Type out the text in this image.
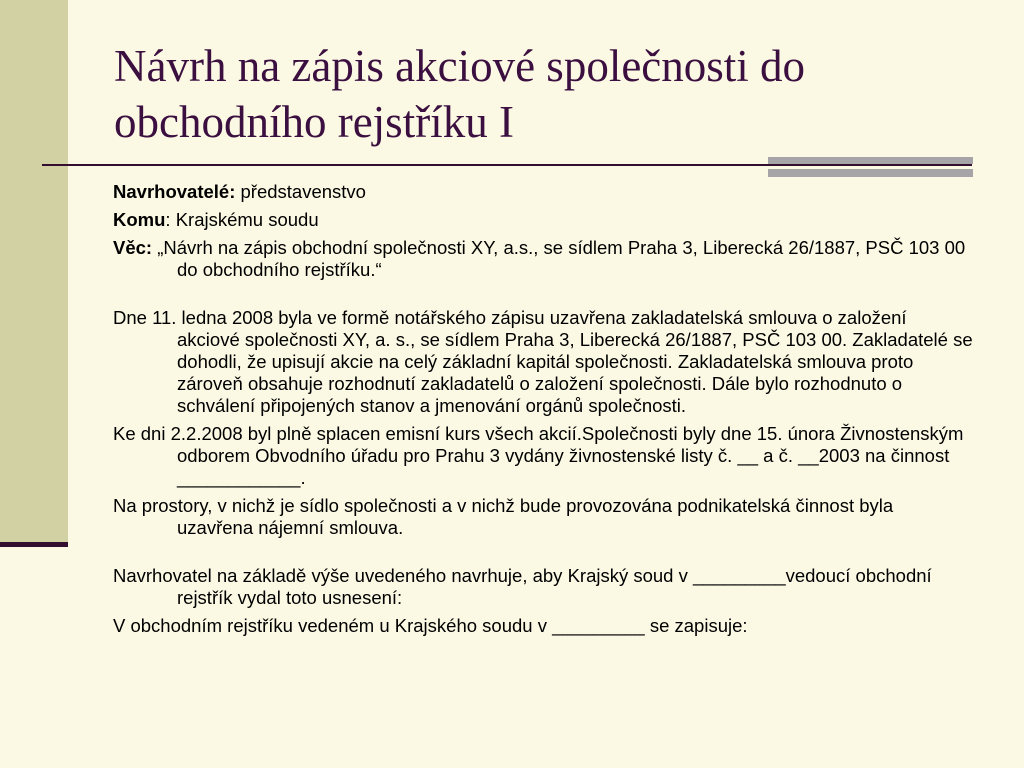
Návrh na zápis akciové společnosti do
obchodního rejstříku I

Navrhovatelé: představenstvo

Komu: Krajskému soudu

Věc: „Návrh na zápis obchodní společnosti XY, a.s., se sídlem Praha 3, Liberecká 26/1887, PSČ 103 00 do obchodního rejstříku.“

Dne 11. ledna 2008 byla ve formě notářského zápisu uzavřena zakladatelská smlouva o založení akciové společnosti XY, a. s., se sídlem Praha 3, Liberecká 26/1887, PSČ 103 00. Zakladatelé se dohodli, že upisují akcie na celý základní kapitál společnosti. Zakladatelská smlouva proto zároveň obsahuje rozhodnutí zakladatelů o založení společnosti. Dále bylo rozhodnuto o schválení připojených stanov a jmenování orgánů společnosti.

Ke dni 2.2.2008 byl plně splacen emisní kurs všech akcií.Společnosti byly dne 15. února Živnostenským odborem Obvodního úřadu pro Prahu 3 vydány živnostenské listy č. __ a č. __2003 na činnost ____________.

Na prostory, v nichž je sídlo společnosti a v nichž bude provozována podnikatelská činnost byla uzavřena nájemní smlouva.

Navrhovatel na základě výše uvedeného navrhuje, aby Krajský soud v _________vedoucí obchodní rejstřík vydal toto usnesení:

V obchodním rejstříku vedeném u Krajského soudu v _________ se zapisuje:
